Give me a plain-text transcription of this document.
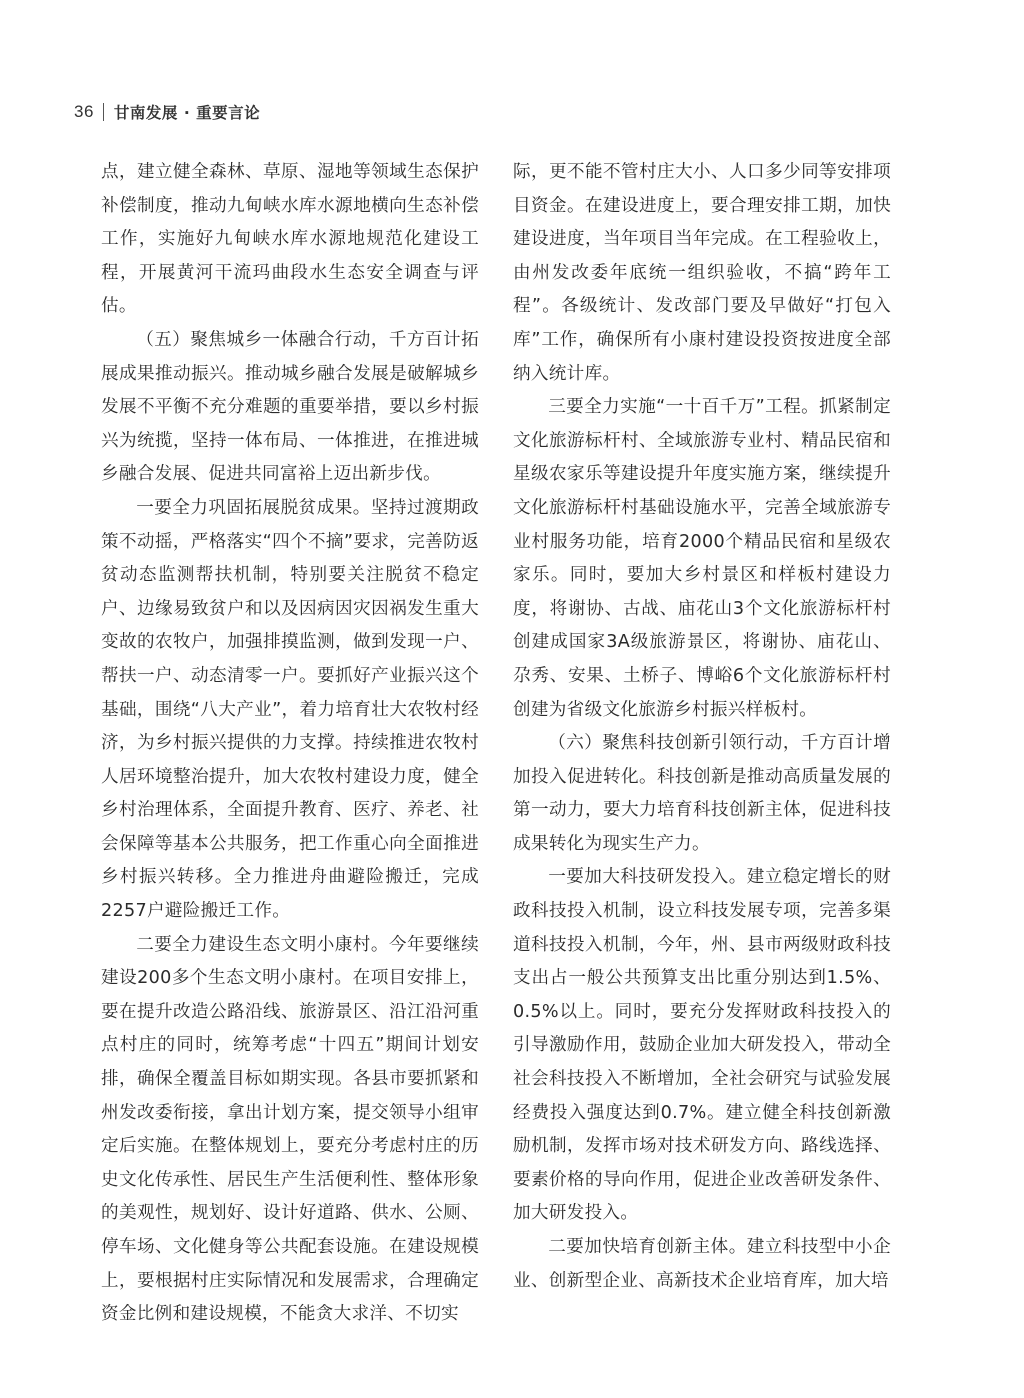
36 甘南发展 · 重要言论

点，建立健全森林、草原、湿地等领域生态保护补偿制度，推动九甸峡水库水源地横向生态补偿工作，实施好九甸峡水库水源地规范化建设工程，开展黄河干流玛曲段水生态安全调查与评估。

（五）聚焦城乡一体融合行动，千方百计拓展成果推动振兴。推动城乡融合发展是破解城乡发展不平衡不充分难题的重要举措，要以乡村振兴为统揽，坚持一体布局、一体推进，在推进城乡融合发展、促进共同富裕上迈出新步伐。

一要全力巩固拓展脱贫成果。坚持过渡期政策不动摇，严格落实“四个不摘”要求，完善防返贫动态监测帮扶机制，特别要关注脱贫不稳定户、边缘易致贫户和以及因病因灾因祸发生重大变故的农牧户，加强排摸监测，做到发现一户、帮扶一户、动态清零一户。要抓好产业振兴这个基础，围绕“八大产业”，着力培育壮大农牧村经济，为乡村振兴提供的力支撑。持续推进农牧村人居环境整治提升，加大农牧村建设力度，健全乡村治理体系，全面提升教育、医疗、养老、社会保障等基本公共服务，把工作重心向全面推进乡村振兴转移。全力推进舟曲避险搬迁，完成2257户避险搬迁工作。

二要全力建设生态文明小康村。今年要继续建设200多个生态文明小康村。在项目安排上，要在提升改造公路沿线、旅游景区、沿江沿河重点村庄的同时，统筹考虑“十四五”期间计划安排，确保全覆盖目标如期实现。各县市要抓紧和州发改委衔接，拿出计划方案，提交领导小组审定后实施。在整体规划上，要充分考虑村庄的历史文化传承性、居民生产生活便利性、整体形象的美观性，规划好、设计好道路、供水、公厕、停车场、文化健身等公共配套设施。在建设规模上，要根据村庄实际情况和发展需求，合理确定资金比例和建设规模，不能贪大求洋、不切实

际，更不能不管村庄大小、人口多少同等安排项目资金。在建设进度上，要合理安排工期，加快建设进度，当年项目当年完成。在工程验收上，由州发改委年底统一组织验收，不搞“跨年工程”。各级统计、发改部门要及早做好“打包入库”工作，确保所有小康村建设投资按进度全部纳入统计库。

三要全力实施“一十百千万”工程。抓紧制定文化旅游标杆村、全域旅游专业村、精品民宿和星级农家乐等建设提升年度实施方案，继续提升文化旅游标杆村基础设施水平，完善全域旅游专业村服务功能，培育2000个精品民宿和星级农家乐。同时，要加大乡村景区和样板村建设力度，将谢协、古战、庙花山3个文化旅游标杆村创建成国家3A级旅游景区，将谢协、庙花山、尕秀、安果、土桥子、博峪6个文化旅游标杆村创建为省级文化旅游乡村振兴样板村。

（六）聚焦科技创新引领行动，千方百计增加投入促进转化。科技创新是推动高质量发展的第一动力，要大力培育科技创新主体，促进科技成果转化为现实生产力。

一要加大科技研发投入。建立稳定增长的财政科技投入机制，设立科技发展专项，完善多渠道科技投入机制，今年，州、县市两级财政科技支出占一般公共预算支出比重分别达到1.5%、0.5%以上。同时，要充分发挥财政科技投入的引导激励作用，鼓励企业加大研发投入，带动全社会科技投入不断增加，全社会研究与试验发展经费投入强度达到0.7%。建立健全科技创新激励机制，发挥市场对技术研发方向、路线选择、要素价格的导向作用，促进企业改善研发条件、加大研发投入。

二要加快培育创新主体。建立科技型中小企业、创新型企业、高新技术企业培育库，加大培
